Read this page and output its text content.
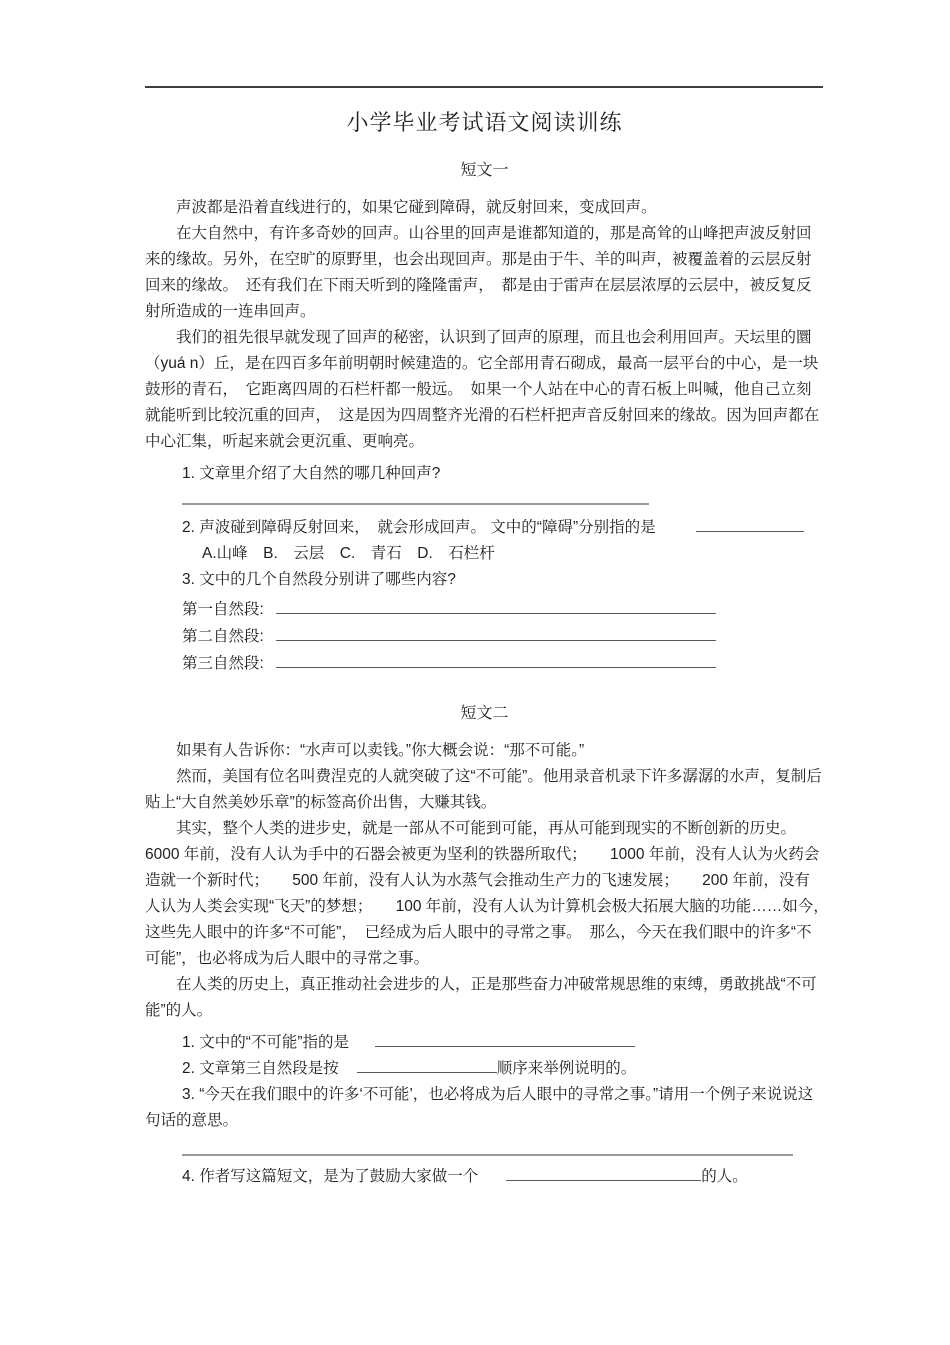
小学毕业考试语文阅读训练
短文一

声波都是沿着直线进行的，如果它碰到障碍，就反射回来，变成回声。

在大自然中，有许多奇妙的回声。山谷里的回声是谁都知道的，那是高耸的山峰把声波反射回来的缘故。另外，在空旷的原野里，也会出现回声。那是由于牛、羊的叫声，被覆盖着的云层反射回来的缘故。　还有我们在下雨天听到的隆隆雷声，　都是由于雷声在层层浓厚的云层中，被反复反射所造成的一连串回声。

我们的祖先很早就发现了回声的秘密，认识到了回声的原理，而且也会利用回声。天坛里的圜（yuá n）丘，是在四百多年前明朝时候建造的。它全部用青石砌成，最高一层平台的中心，是一块鼓形的青石，　它距离四周的石栏杆都一般远。　如果一个人站在中心的青石板上叫喊，他自己立刻就能听到比较沉重的回声，　这是因为四周整齐光滑的石栏杆把声音反射回来的缘故。因为回声都在中心汇集，听起来就会更沉重、更响亮。

1. 文章里介绍了大自然的哪几种回声?

2. 声波碰到障碍反射回来，　就会形成回声。 文中的“障碍”分别指的是

A.山峰　B.　云层　C.　青石　D.　石栏杆

3. 文中的几个自然段分别讲了哪些内容?

第一自然段:
第二自然段:
第三自然段:
短文二

如果有人告诉你：“水声可以卖钱。”你大概会说：“那不可能。”

然而，美国有位名叫费涅克的人就突破了这“不可能”。他用录音机录下许多潺潺的水声，复制后贴上“大自然美妙乐章”的标签高价出售，大赚其钱。

其实，整个人类的进步史，就是一部从不可能到可能，再从可能到现实的不断创新的历史。 6000 年前，没有人认为手中的石器会被更为坚利的铁器所取代；　　1000 年前，没有人认为火药会造就一个新时代；　　500 年前，没有人认为水蒸气会推动生产力的飞速发展；　　200 年前，没有人认为人类会实现“飞天”的梦想；　　100 年前，没有人认为计算机会极大拓展大脑的功能……如今，　这些先人眼中的许多“不可能”，　已经成为后人眼中的寻常之事。　那么，今天在我们眼中的许多“不可能”，也必将成为后人眼中的寻常之事。

在人类的历史上，真正推动社会进步的人，正是那些奋力冲破常规思维的束缚，勇敢挑战“不可能”的人。

1. 文中的“不可能”指的是

2. 文章第三自然段是按	顺序来举例说明的。

3. “今天在我们眼中的许多‘不可能’，也必将成为后人眼中的寻常之事。”请用一个例子来说说这句话的意思。

4. 作者写这篇短文，是为了鼓励大家做一个	的人。
